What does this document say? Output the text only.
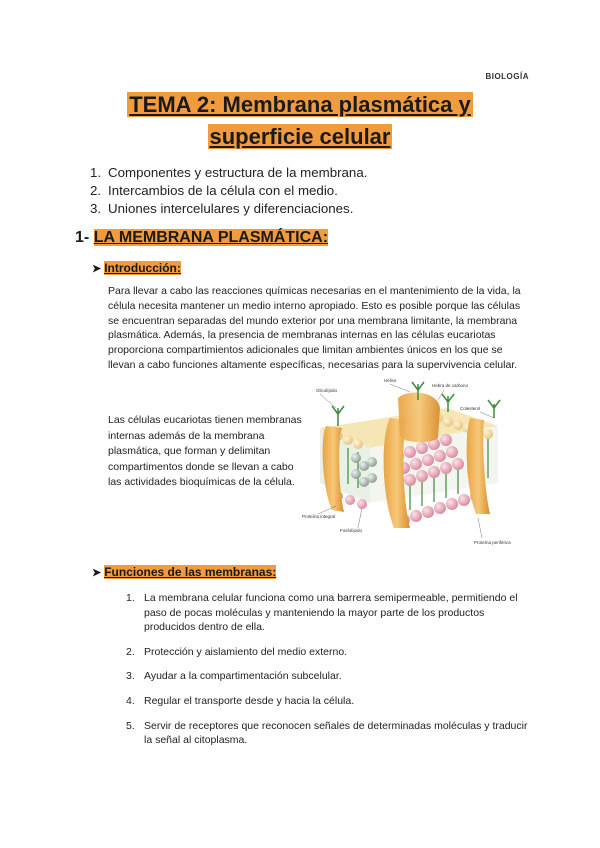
BIOLOGÍA
TEMA 2: Membrana plasmática y
superficie celular
1. Componentes y estructura de la membrana.
2. Intercambios de la célula con el medio.
3. Uniones intercelulares y diferenciaciones.
1- LA MEMBRANA PLASMÁTICA:
➤ Introducción:
Para llevar a cabo las reacciones químicas necesarias en el mantenimiento de la vida, la célula necesita mantener un medio interno apropiado. Esto es posible porque las células se encuentran separadas del mundo exterior por una membrana limitante, la membrana plasmática. Además, la presencia de membranas internas en las células eucariotas proporciona compartimientos adicionales que limitan ambientes únicos en los que se llevan a cabo funciones altamente específicas, necesarias para la supervivencia celular.
Las células eucariotas tienen membranas internas además de la membrana plasmática, que forman y delimitan compartimentos donde se llevan a cabo las actividades bioquímicas de la célula.
Glicolípido
Hélice
Hebra de carbono
Colesterol
Proteína integral
Fosfolípido
Proteína periférica
➤ Funciones de las membranas:
1. La membrana celular funciona como una barrera semipermeable, permitiendo el paso de pocas moléculas y manteniendo la mayor parte de los productos producidos dentro de ella.
2. Protección y aislamiento del medio externo.
3. Ayudar a la compartimentación subcelular.
4. Regular el transporte desde y hacia la célula.
5. Servir de receptores que reconocen señales de determinadas moléculas y traducir la señal al citoplasma.
